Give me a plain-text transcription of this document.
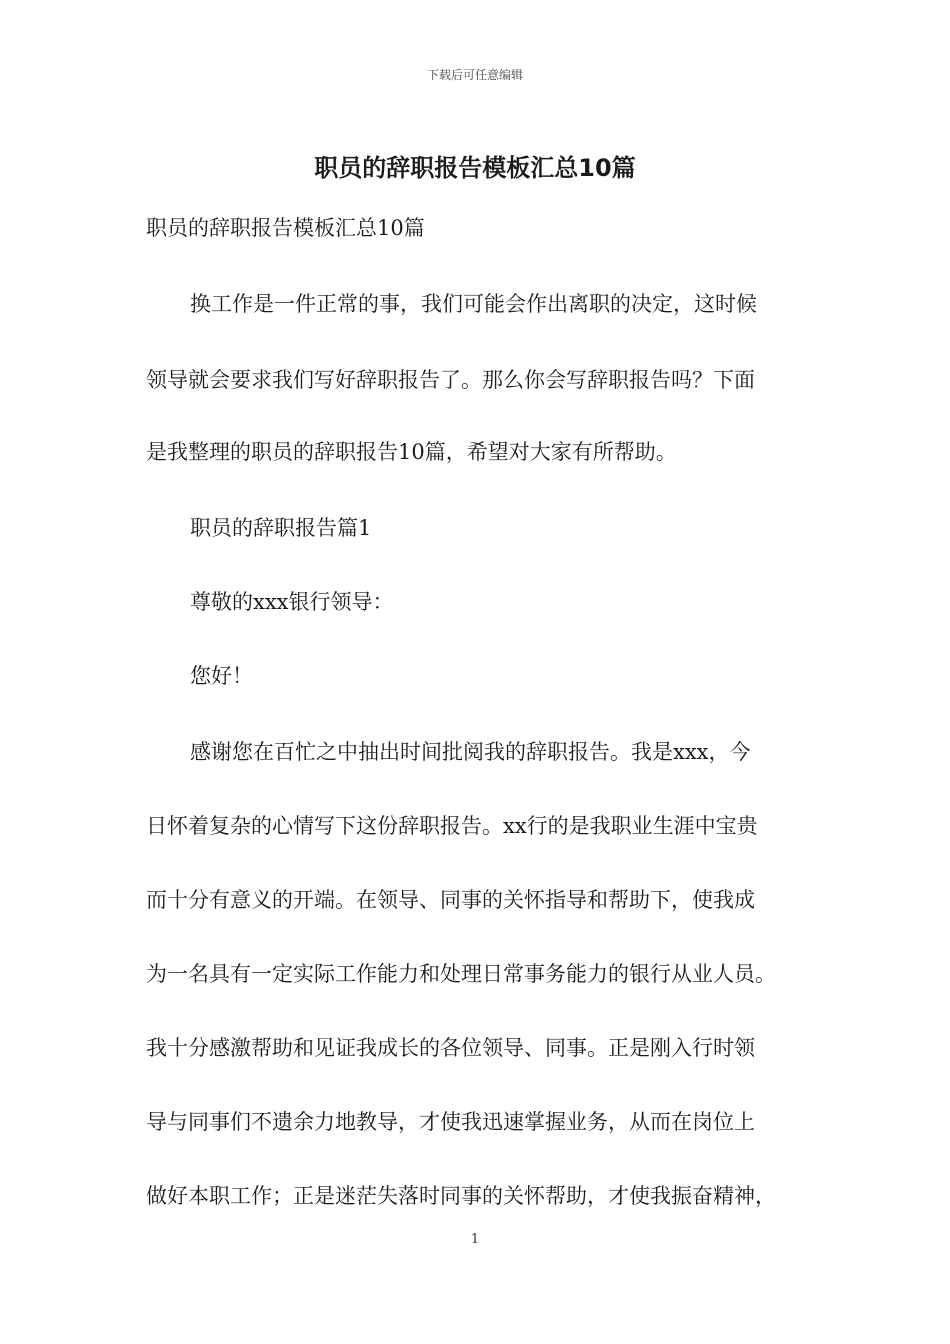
下载后可任意编辑
职员的辞职报告模板汇总10篇

职员的辞职报告模板汇总10篇

换工作是一件正常的事，我们可能会作出离职的决定，这时候

领导就会要求我们写好辞职报告了。那么你会写辞职报告吗？下面

是我整理的职员的辞职报告10篇，希望对大家有所帮助。

职员的辞职报告篇1

尊敬的xxx银行领导：

您好！

感谢您在百忙之中抽出时间批阅我的辞职报告。我是xxx，今

日怀着复杂的心情写下这份辞职报告。xx行的是我职业生涯中宝贵

而十分有意义的开端。在领导、同事的关怀指导和帮助下，使我成

为一名具有一定实际工作能力和处理日常事务能力的银行从业人员。

我十分感激帮助和见证我成长的各位领导、同事。正是刚入行时领

导与同事们不遗余力地教导，才使我迅速掌握业务，从而在岗位上

做好本职工作；正是迷茫失落时同事的关怀帮助，才使我振奋精神，

1
